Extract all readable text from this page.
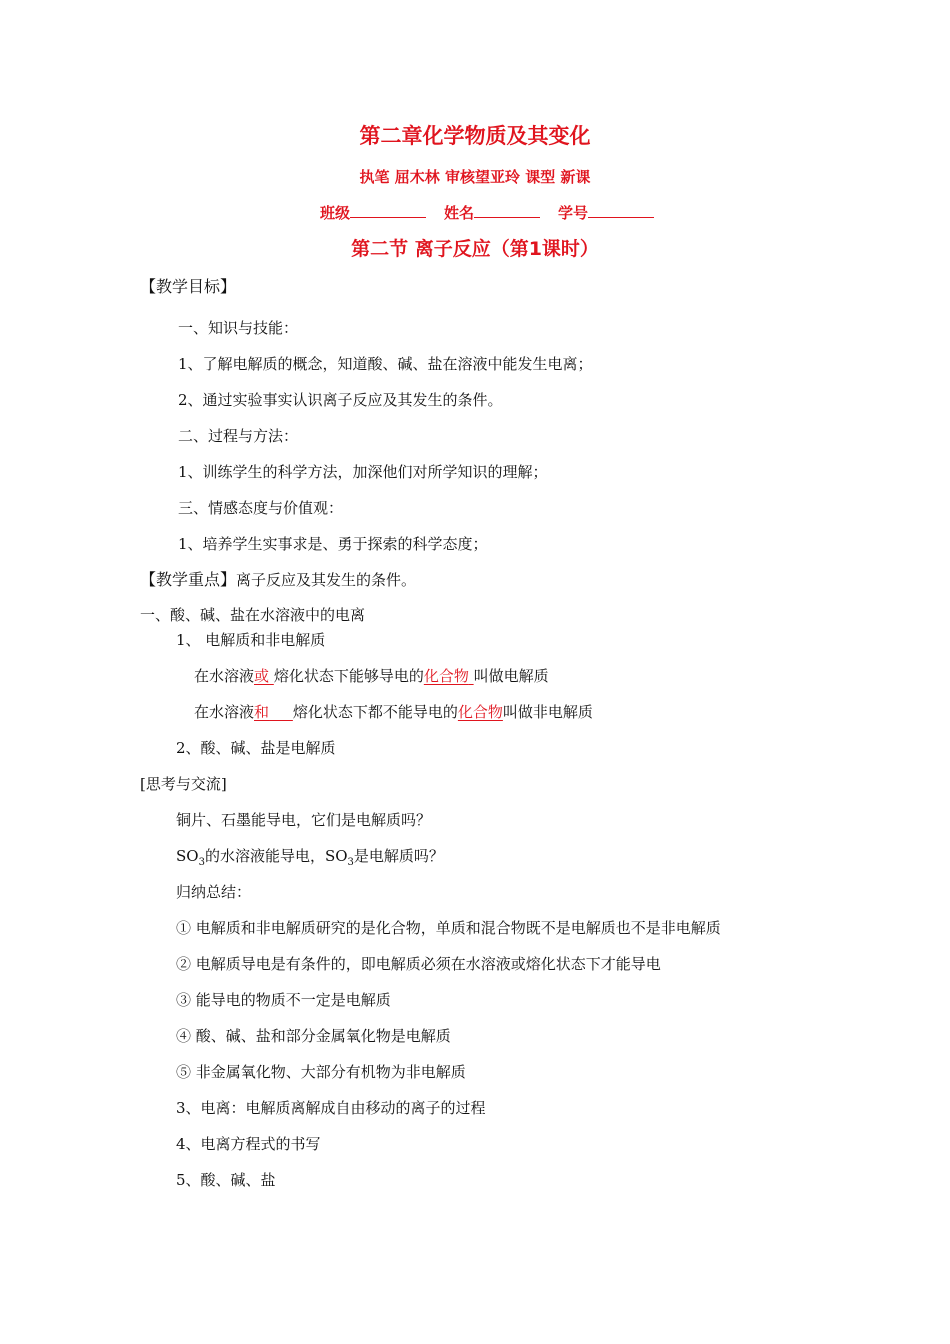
第二章化学物质及其变化
执笔 屈木林 审核望亚玲 课型 新课
班级	姓名	学号
第二节 离子反应（第1课时）
【教学目标】
一、知识与技能：
1、了解电解质的概念，知道酸、碱、盐在溶液中能发生电离；
2、通过实验事实认识离子反应及其发生的条件。
二、过程与方法：
1、训练学生的科学方法，加深他们对所学知识的理解；
三、情感态度与价值观：
1、培养学生实事求是、勇于探索的科学态度；
【教学重点】离子反应及其发生的条件。
一、酸、碱、盐在水溶液中的电离
1、 电解质和非电解质
在水溶液或 熔化状态下能够导电的化合物 叫做电解质
在水溶液和 熔化状态下都不能导电的化合物叫做非电解质
2、酸、碱、盐是电解质
[思考与交流]
铜片、石墨能导电，它们是电解质吗？
$SO_3$的水溶液能导电，$SO_3$是电解质吗？
归纳总结：
① 电解质和非电解质研究的是化合物，单质和混合物既不是电解质也不是非电解质
② 电解质导电是有条件的，即电解质必须在水溶液或熔化状态下才能导电
③ 能导电的物质不一定是电解质
④ 酸、碱、盐和部分金属氧化物是电解质
⑤ 非金属氧化物、大部分有机物为非电解质
3、电离：电解质离解成自由移动的离子的过程
4、电离方程式的书写
5、酸、碱、盐
